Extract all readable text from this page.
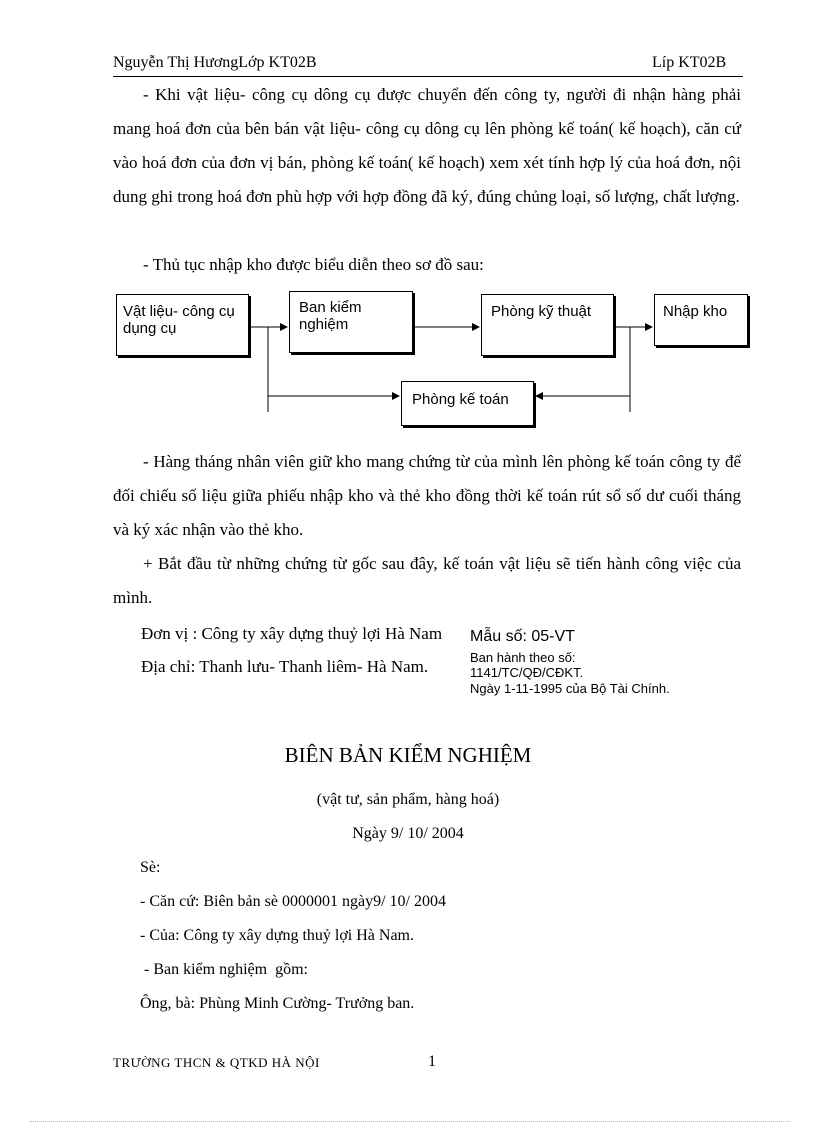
Nguyễn Thị HươngLớp KT02B	Líp KT02B
- Khi vật liệu- công cụ dông cụ được chuyển đến công ty, người đi nhận hàng phải mang hoá đơn của bên bán vật liệu- công cụ dông cụ lên phòng kế toán( kế hoạch), căn cứ vào hoá đơn của đơn vị bán, phòng kế toán( kế hoạch) xem xét tính hợp lý của hoá đơn, nội dung ghi trong hoá đơn phù hợp với hợp đồng đã ký, đúng chủng loại, số lượng, chất lượng.
- Thủ tục nhập kho được biểu diễn theo sơ đồ sau:
Vật liệu- công cụ dụng cụ
Ban kiểm nghiệm
Phòng kỹ thuật	Nhập kho
Phòng kế toán
- Hàng tháng nhân viên giữ kho mang chứng từ của mình lên phòng kế toán công ty để đối chiếu số liệu giữa phiếu nhập kho và thẻ kho đồng thời kế toán rút sổ số dư cuối tháng và ký xác nhận vào thẻ kho.
+ Bắt đầu từ những chứng từ gốc sau đây, kế toán vật liệu sẽ tiến hành công việc của mình.
Đơn vị : Công ty xây dựng thuỷ lợi Hà Nam
Địa chỉ: Thanh lưu- Thanh liêm- Hà Nam.
Mẫu số: 05-VT
Ban hành theo số:
1141/TC/QĐ/CĐKT.
Ngày 1-11-1995 của Bộ Tài Chính.
BIÊN BẢN KIỂM NGHIỆM
(vật tư, sản phẩm, hàng hoá)
Ngày 9/ 10/ 2004
Sè:
- Căn cứ: Biên bản sè 0000001 ngày9/ 10/ 2004
- Của: Công ty xây dựng thuỷ lợi Hà Nam.
- Ban kiểm nghiệm  gồm:
Ông, bà: Phùng Minh Cường- Trưởng ban.
TRƯỜNG THCN & QTKD HÀ NỘI	1
